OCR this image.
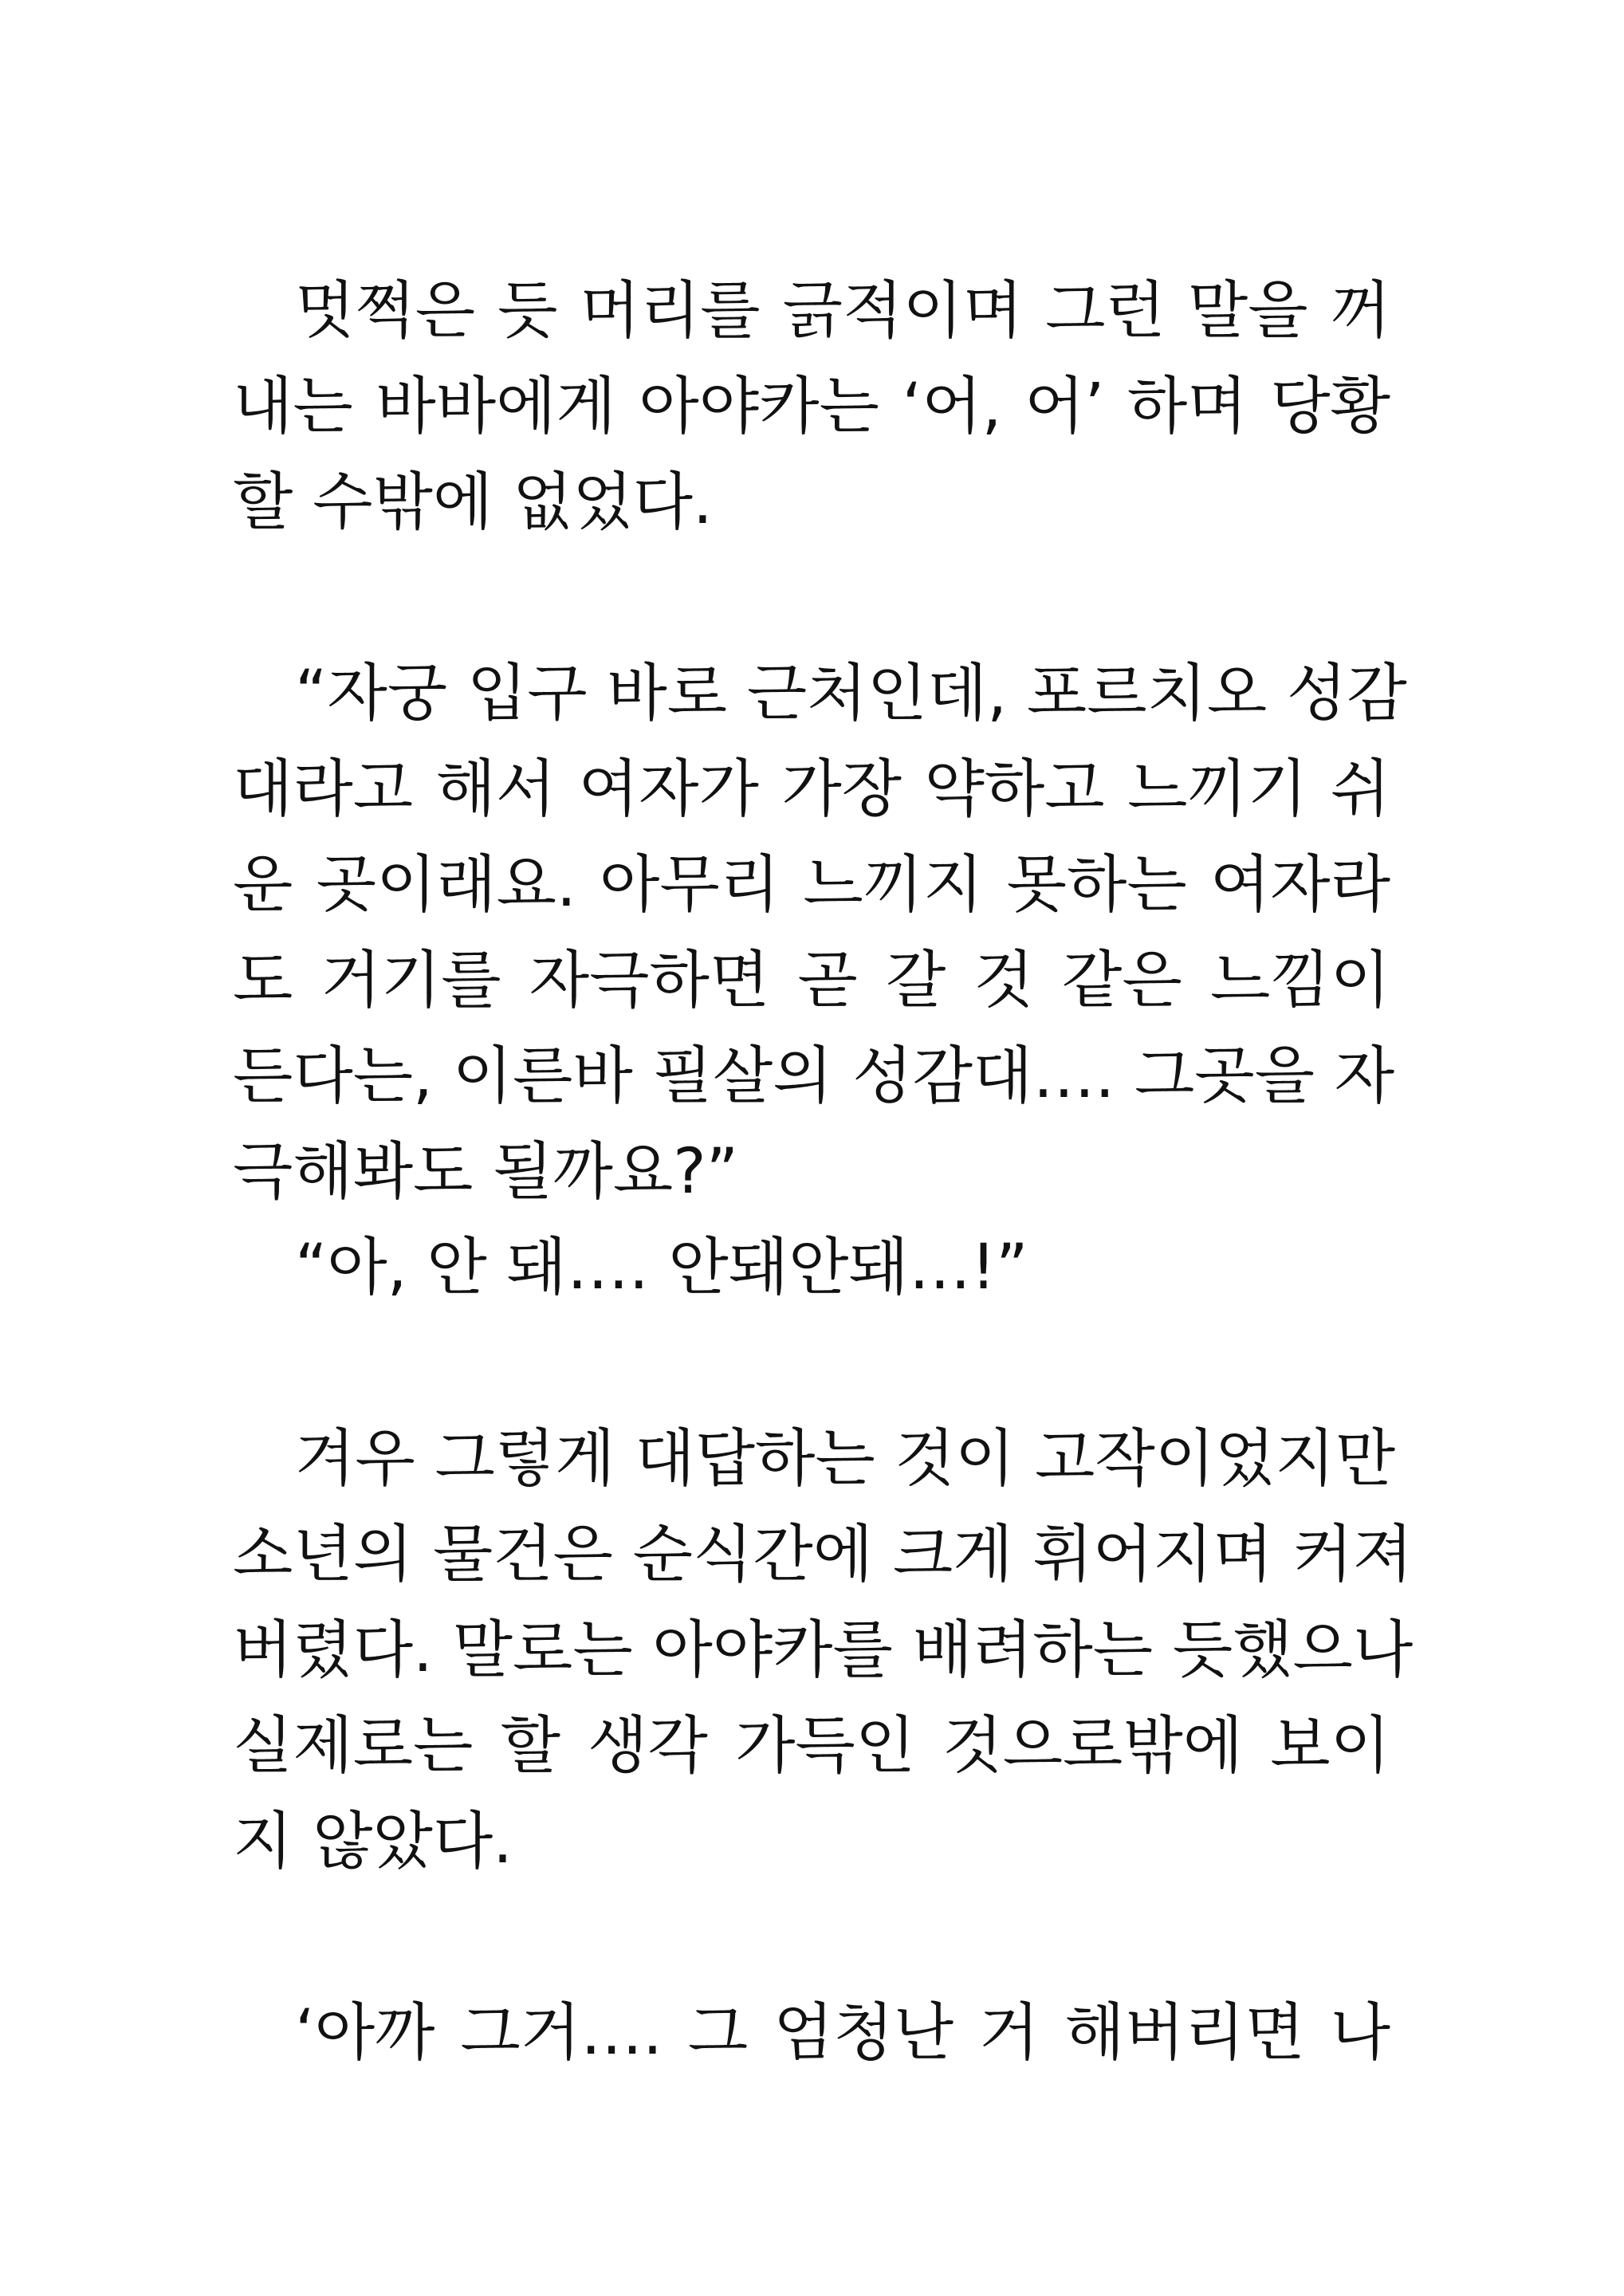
멋쩍은 듯 머리를 긁적이며 그런 말을 꺼
내는 바바에게 아야카는 ‘어, 어’ 하며 당황
할 수밖에 없었다.
“자궁 입구 바로 근처인데, 포르치오 성감
대라고 해서 여자가 가장 약하고 느끼기 쉬
운 곳이래요. 아무리 느끼지 못하는 여자라
도 거기를 자극하면 곧 갈 것 같은 느낌이
든다는, 이른바 필살의 성감대…. 그곳을 자
극해봐도 될까요?”
“아, 안 돼…. 안돼안돼…!”
겨우 그렇게 대답하는 것이 고작이었지만
소년의 물건은 순식간에 크게 휘어지며 커져
버렸다. 말로는 아야카를 배려하는 듯했으나
실제로는 할 생각 가득인 것으로밖에 보이
지 않았다.
‘아까 그거…. 그 엄청난 거 해버리면 나
